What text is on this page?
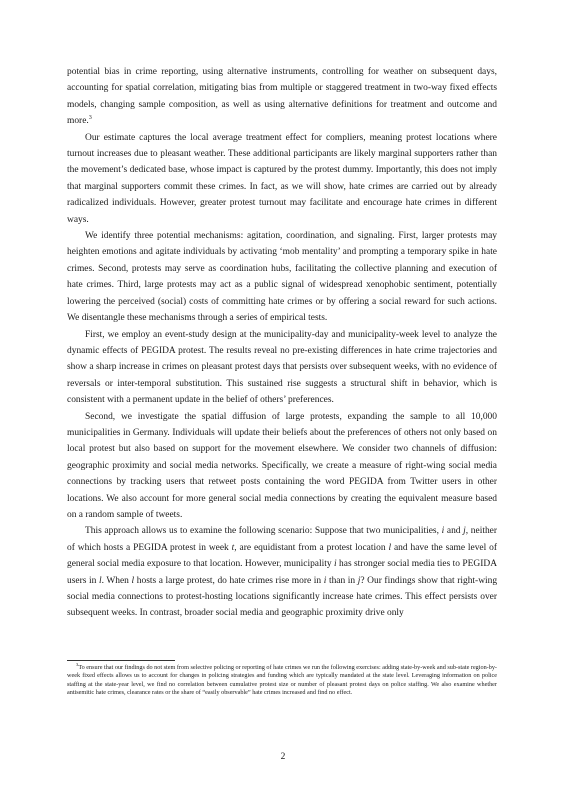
potential bias in crime reporting, using alternative instruments, controlling for weather on subsequent days, accounting for spatial correlation, mitigating bias from multiple or staggered treatment in two-way fixed effects models, changing sample composition, as well as using alternative definitions for treatment and outcome and more.$^3$

Our estimate captures the local average treatment effect for compliers, meaning protest locations where turnout increases due to pleasant weather. These additional participants are likely marginal supporters rather than the movement’s dedicated base, whose impact is captured by the protest dummy. Importantly, this does not imply that marginal supporters commit these crimes. In fact, as we will show, hate crimes are carried out by already radicalized individuals. However, greater protest turnout may facilitate and encourage hate crimes in different ways.

We identify three potential mechanisms: agitation, coordination, and signaling. First, larger protests may heighten emotions and agitate individuals by activating ‘mob mentality’ and prompting a temporary spike in hate crimes. Second, protests may serve as coordination hubs, facilitating the collective planning and execution of hate crimes. Third, large protests may act as a public signal of widespread xenophobic sentiment, potentially lowering the perceived (social) costs of committing hate crimes or by offering a social reward for such actions. We disentangle these mechanisms through a series of empirical tests.

First, we employ an event-study design at the municipality-day and municipality-week level to analyze the dynamic effects of PEGIDA protest. The results reveal no pre-existing differences in hate crime trajectories and show a sharp increase in crimes on pleasant protest days that persists over subsequent weeks, with no evidence of reversals or inter-temporal substitution. This sustained rise suggests a structural shift in behavior, which is consistent with a permanent update in the belief of others’ preferences.

Second, we investigate the spatial diffusion of large protests, expanding the sample to all 10,000 municipalities in Germany. Individuals will update their beliefs about the preferences of others not only based on local protest but also based on support for the movement elsewhere. We consider two channels of diffusion: geographic proximity and social media networks. Specifically, we create a measure of right-wing social media connections by tracking users that retweet posts containing the word PEGIDA from Twitter users in other locations. We also account for more general social media connections by creating the equivalent measure based on a random sample of tweets.

This approach allows us to examine the following scenario: Suppose that two municipalities, i and j, neither of which hosts a PEGIDA protest in week t, are equidistant from a protest location l and have the same level of general social media exposure to that location. However, municipality i has stronger social media ties to PEGIDA users in l. When l hosts a large protest, do hate crimes rise more in i than in j? Our findings show that right-wing social media connections to protest-hosting locations significantly increase hate crimes. This effect persists over subsequent weeks. In contrast, broader social media and geographic proximity drive only

$^3$To ensure that our findings do not stem from selective policing or reporting of hate crimes we run the following exercises: adding state-by-week and sub-state region-by-week fixed effects allows us to account for changes in policing strategies and funding which are typically mandated at the state level. Leveraging information on police staffing at the state-year level, we find no correlation between cumulative protest size or number of pleasant protest days on police staffing. We also examine whether antisemitic hate crimes, clearance rates or the share of “easily observable” hate crimes increased and find no effect.

2
